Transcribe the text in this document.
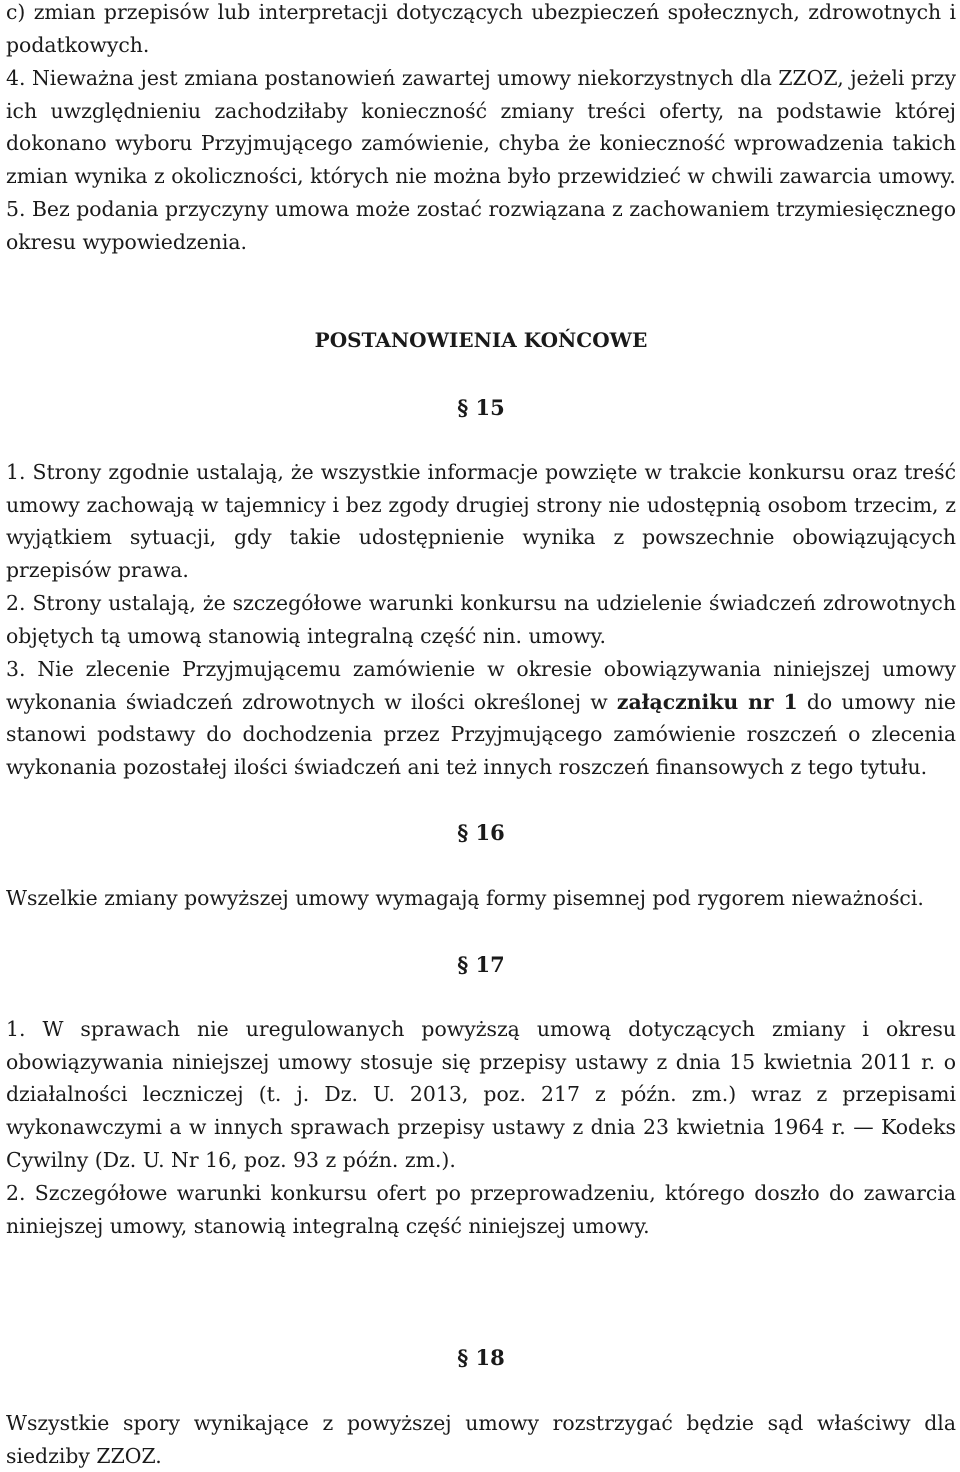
c) zmian przepisów lub interpretacji dotyczących ubezpieczeń społecznych, zdrowotnych i podatkowych.

4. Nieważna jest zmiana postanowień zawartej umowy niekorzystnych dla ZZOZ, jeżeli przy ich uwzględnieniu zachodziłaby konieczność zmiany treści oferty, na podstawie której dokonano wyboru Przyjmującego zamówienie, chyba że konieczność wprowadzenia takich zmian wynika z okoliczności, których nie można było przewidzieć w chwili zawarcia umowy.

5. Bez podania przyczyny umowa może zostać rozwiązana z zachowaniem trzymiesięcznego okresu wypowiedzenia.

POSTANOWIENIA KOŃCOWE

§ 15

1. Strony zgodnie ustalają, że wszystkie informacje powzięte w trakcie konkursu oraz treść umowy zachowają w tajemnicy i bez zgody drugiej strony nie udostępnią osobom trzecim, z wyjątkiem sytuacji, gdy takie udostępnienie wynika z powszechnie obowiązujących przepisów prawa.

2. Strony ustalają, że szczegółowe warunki konkursu na udzielenie świadczeń zdrowotnych objętych tą umową stanowią integralną część nin. umowy.

3. Nie zlecenie Przyjmującemu zamówienie w okresie obowiązywania niniejszej umowy wykonania świadczeń zdrowotnych w ilości określonej w załączniku nr 1 do umowy nie stanowi podstawy do dochodzenia przez Przyjmującego zamówienie roszczeń o zlecenia wykonania pozostałej ilości świadczeń ani też innych roszczeń finansowych z tego tytułu.

§ 16

Wszelkie zmiany powyższej umowy wymagają formy pisemnej pod rygorem nieważności.

§ 17

1. W sprawach nie uregulowanych powyższą umową dotyczących zmiany i okresu obowiązywania niniejszej umowy stosuje się przepisy ustawy z dnia 15 kwietnia 2011 r. o działalności leczniczej (t. j. Dz. U. 2013, poz. 217 z późn. zm.) wraz z przepisami wykonawczymi a w innych sprawach przepisy ustawy z dnia 23 kwietnia 1964 r. — Kodeks Cywilny (Dz. U. Nr 16, poz. 93 z późn. zm.).

2. Szczegółowe warunki konkursu ofert po przeprowadzeniu, którego doszło do zawarcia niniejszej umowy, stanowią integralną część niniejszej umowy.

§ 18

Wszystkie spory wynikające z powyższej umowy rozstrzygać będzie sąd właściwy dla siedziby ZZOZ.
